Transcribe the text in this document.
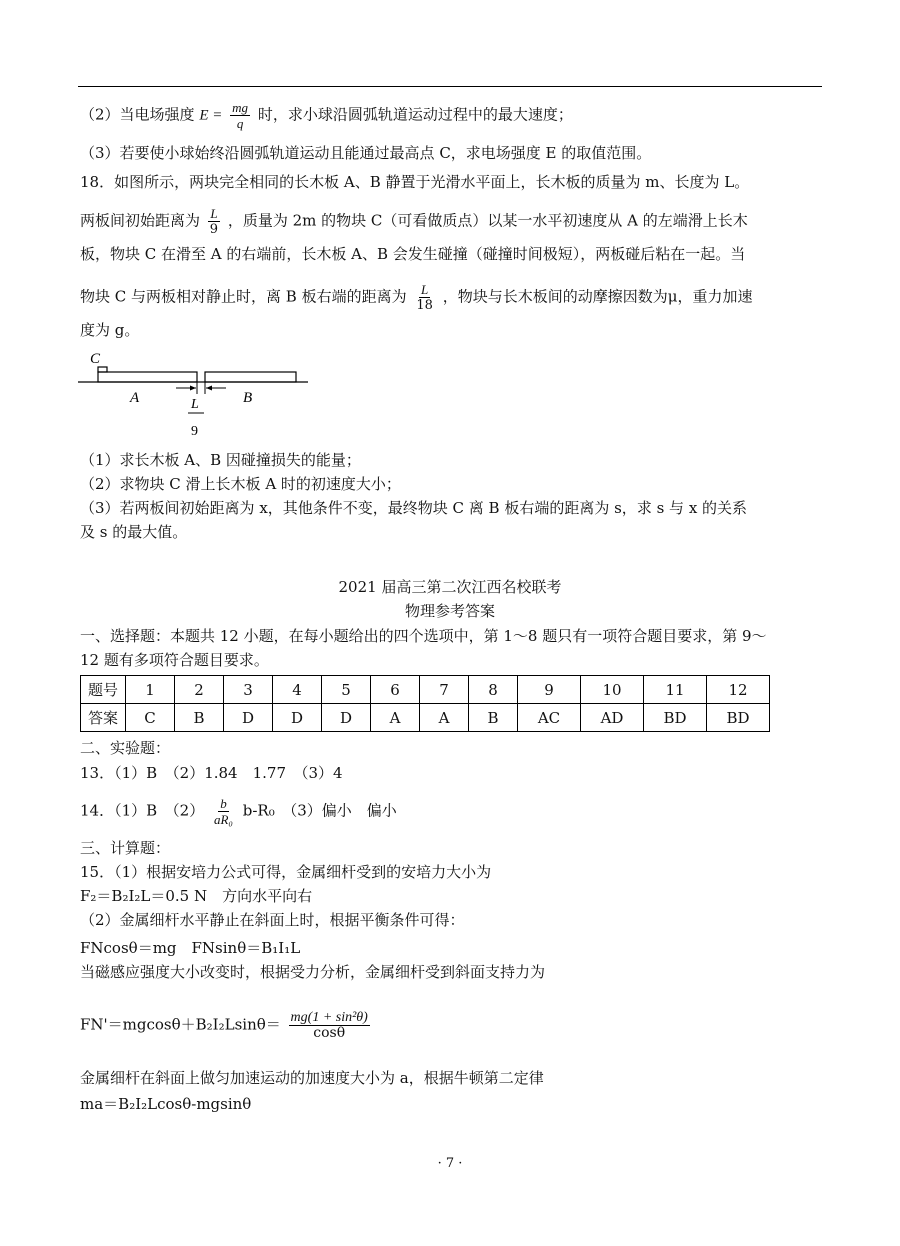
（2）当电场强度 $E = \frac{mg}{q}$ 时，求小球沿圆弧轨道运动过程中的最大速度；
（3）若要使小球始终沿圆弧轨道运动且能通过最高点 C，求电场强度 E 的取值范围。
18．如图所示，两块完全相同的长木板 A、B 静置于光滑水平面上，长木板的质量为 m、长度为 L。
两板间初始距离为 $\frac{L}{9}$ ，质量为 2m 的物块 C（可看做质点）以某一水平初速度从 A 的左端滑上长木
板，物块 C 在滑至 A 的右端前，长木板 A、B 会发生碰撞（碰撞时间极短），两板碰后粘在一起。当
物块 C 与两板相对静止时，离 B 板右端的距离为 $\frac{L}{18}$ ，物块与长木板间的动摩擦因数为μ，重力加速
度为 g。
C
A	B
L
9
（1）求长木板 A、B 因碰撞损失的能量；
（2）求物块 C 滑上长木板 A 时的初速度大小；
（3）若两板间初始距离为 x，其他条件不变，最终物块 C 离 B 板右端的距离为 s，求 s 与 x 的关系
及 s 的最大值。
2021 届高三第二次江西名校联考
物理参考答案
一、选择题：本题共 12 小题，在每小题给出的四个选项中，第 1～8 题只有一项符合题目要求，第 9～
12 题有多项符合题目要求。
题号	1	2	3	4	5	6	7	8	9	10	11	12
答案	C	B	D	D	D	A	A	B	AC	AD	BD	BD
二、实验题：
13．（1）B　（2）1.84　1.77　（3）4
14．（1）B　$(2) \frac{b}{\text{aR₀}} b-R_0$　（3）偏小　偏小
三、计算题：
15．（1）根据安培力公式可得，金属细杆受到的安培力大小为
F₂＝B₂I₂L＝0.5 N　方向水平向右
（2）金属细杆水平静止在斜面上时，根据平衡条件可得：
FNcosθ＝mg　FNsinθ＝B₁I₁L
当磁感应强度大小改变时，根据受力分析，金属细杆受到斜面支持力为
$FN'=mgcos\theta+B_2I_2Lsin\theta= \frac{\text{mg(1 + sin²θ)}}{\cos\theta}$
金属细杆在斜面上做匀加速运动的加速度大小为 a，根据牛顿第二定律
ma＝B₂I₂Lcosθ-mgsinθ
· 7 ·
